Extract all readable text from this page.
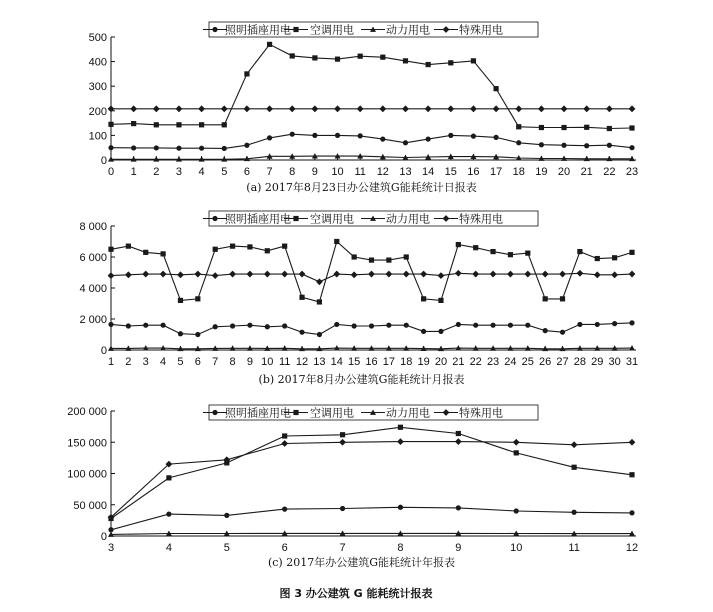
0
100
200
300
400
500
0 1 2 3 4 5 6 7 8 9 10 11 12 13 14 15 16 17 18 19 20 21 22 23
照明插座用电 空调用电	动力用电	特殊用电
(a) 2017年8月23日办公建筑G能耗统计日报表
0
2 000
4 000
6 000
8 000
1 2 3 4 5 6 7 8 9 10 11 12 13 14 15 16 17 18 19 20 21 22 23 24 25 26 27 28 29 30 31
照明插座用电 空调用电	动力用电	特殊用电
(b) 2017年8月办公建筑G能耗统计月报表
0
50 000
100 000
150 000
200 000
3	4	5	6	7	8	9	10	11	12
照明插座用电 空调用电	动力用电	特殊用电
(c) 2017年办公建筑G能耗统计年报表
图 3 办公建筑 G 能耗统计报表
